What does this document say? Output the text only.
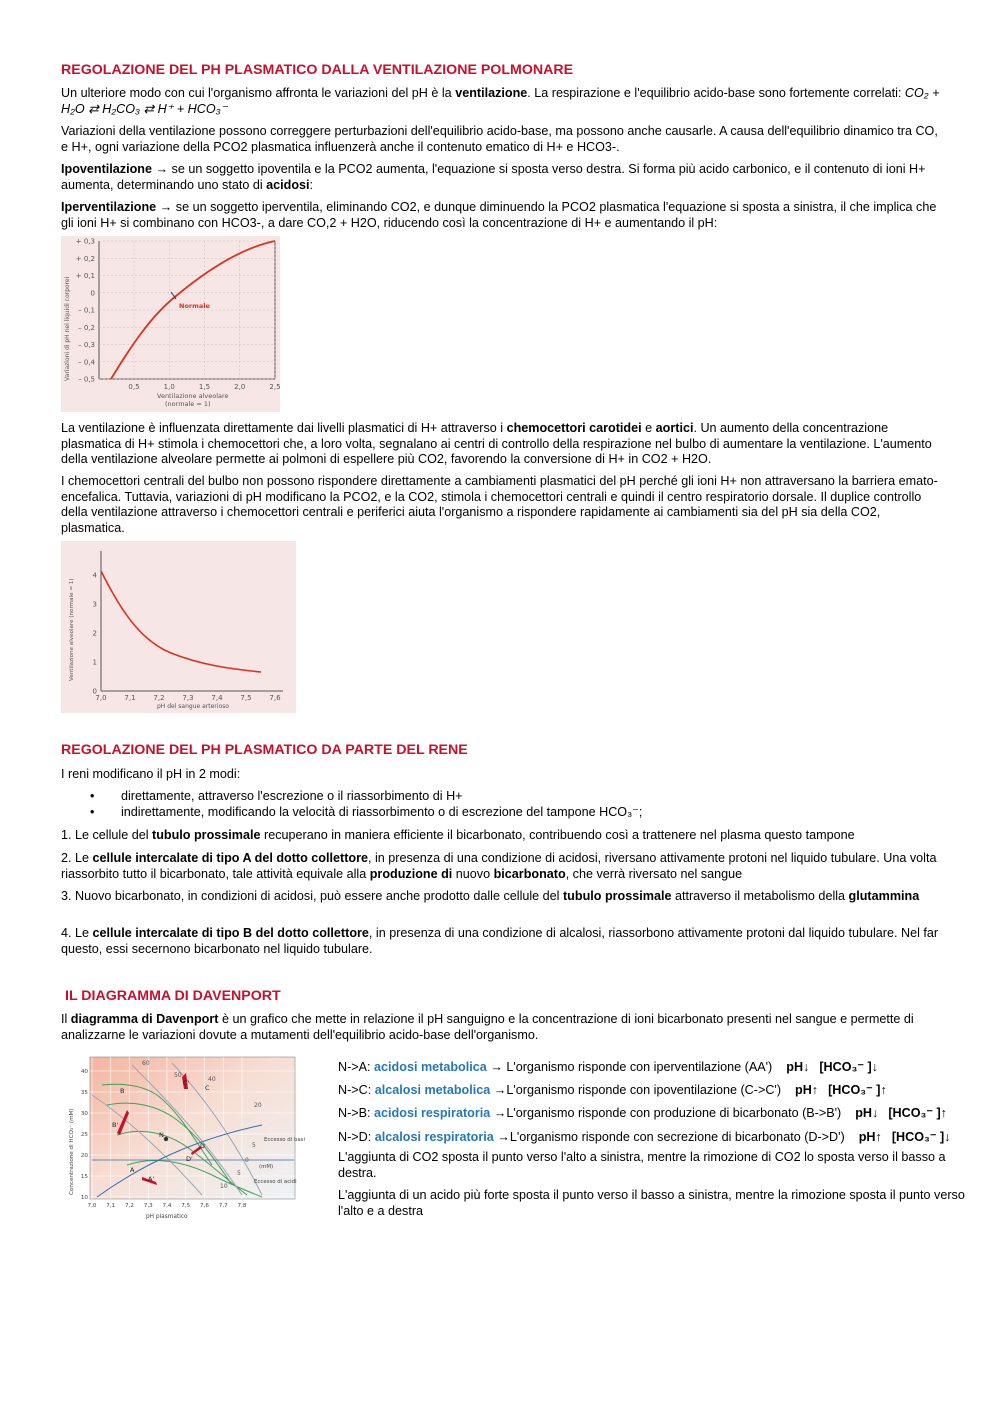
REGOLAZIONE DEL PH PLASMATICO DALLA VENTILAZIONE POLMONARE

Un ulteriore modo con cui l'organismo affronta le variazioni del pH è la ventilazione. La respirazione e l'equilibrio acido-base sono fortemente correlati: CO₂ + H₂O ⇄ H₂CO₃ ⇄ H⁺ + HCO₃⁻

Variazioni della ventilazione possono correggere perturbazioni dell'equilibrio acido-base, ma possono anche causarle. A causa dell'equilibrio dinamico tra CO, e H+, ogni variazione della PCO2 plasmatica influenzerà anche il contenuto ematico di H+ e HCO3-.

Ipoventilazione → se un soggetto ipoventila e la PCO2 aumenta, l'equazione si sposta verso destra. Si forma più acido carbonico, e il contenuto di ioni H+ aumenta, determinando uno stato di acidosi:

Iperventilazione → se un soggetto iperventila, eliminando CO2, e dunque diminuendo la PCO2 plasmatica l'equazione si sposta a sinistra, il che implica che gli ioni H+ si combinano con HCO3-, a dare CO,2 + H2O, riducendo così la concentrazione di H+ e aumentando il pH:

+ 0,3
+ 0,2
+ 0,1
0
– 0,1
– 0,2
– 0,3
– 0,4
– 0,5
0,5	1,0	1,5	2,0	2,5
Normale
Variazioni di pH nei liquidi corporei
Ventilazione alveolare
(normale = 1)

La ventilazione è influenzata direttamente dai livelli plasmatici di H+ attraverso i chemocettori carotidei e aortici. Un aumento della concentrazione plasmatica di H+ stimola i chemocettori che, a loro volta, segnalano ai centri di controllo della respirazione nel bulbo di aumentare la ventilazione. L'aumento della ventilazione alveolare permette ai polmoni di espellere più CO2, favorendo la conversione di H+ in CO2 + H2O.

I chemocettori centrali del bulbo non possono rispondere direttamente a cambiamenti plasmatici del pH perché gli ioni H+ non attraversano la barriera emato-encefalica. Tuttavia, variazioni di pH modificano la PCO2, e la CO2, stimola i chemocettori centrali e quindi il centro respiratorio dorsale. Il duplice controllo della ventilazione attraverso i chemocettori centrali e periferici aiuta l'organismo a rispondere rapidamente ai cambiamenti sia del pH sia della CO2, plasmatica.

4
3
2
1
0
7,0	7,1	7,2	7,3	7,4	7,5	7,6
Ventilazione alveolare (normale = 1)
pH del sangue arterioso
REGOLAZIONE DEL PH PLASMATICO DA PARTE DEL RENE

I reni modificano il pH in 2 modi:

• direttamente, attraverso l'escrezione o il riassorbimento di H+
• indirettamente, modificando la velocità di riassorbimento o di escrezione del tampone HCO₃⁻;

1. Le cellule del tubulo prossimale recuperano in maniera efficiente il bicarbonato, contribuendo così a trattenere nel plasma questo tampone

2. Le cellule intercalate di tipo A del dotto collettore, in presenza di una condizione di acidosi, riversano attivamente protoni nel liquido tubulare. Una volta riassorbito tutto il bicarbonato, tale attività equivale alla produzione di nuovo bicarbonato, che verrà riversato nel sangue

3. Nuovo bicarbonato, in condizioni di acidosi, può essere anche prodotto dalle cellule del tubulo prossimale attraverso il metabolismo della glutammina

4. Le cellule intercalate di tipo B del dotto collettore, in presenza di una condizione di alcalosi, riassorbono attivamente protoni dal liquido tubulare. Nel far questo, essi secernono bicarbonato nel liquido tubulare.

IL DIAGRAMMA DI DAVENPORT

Il diagramma di Davenport è un grafico che mette in relazione il pH sanguigno e la concentrazione di ioni bicarbonato presenti nel sangue e permette di analizzarne le variazioni dovute a mutamenti dell'equilibrio acido-base dell'organismo.

A
A'
B
B'
C
C'
D
D'
N
60
50
40
20
10
5
0
5
40
35
30
25
20
15
10
7,0 7,1 7,2 7,3 7,4 7,5 7,6 7,7 7,8
Eccesso di basi
(mM)
Eccesso di acidi
Concentrazione di HCO₃⁻ (mM)
pH plasmatico
N->A: acidosi metabolica → L'organismo risponde con iperventilazione (AA') pH↓ [HCO₃⁻ ]↓
N->C: alcalosi metabolica →L'organismo risponde con ipoventilazione (C->C') pH↑ [HCO₃⁻ ]↑
N->B: acidosi respiratoria →L'organismo risponde con produzione di bicarbonato (B->B') pH↓ [HCO₃⁻ ]↑
N->D: alcalosi respiratoria →L'organismo risponde con secrezione di bicarbonato (D->D') pH↑ [HCO₃⁻ ]↓

L'aggiunta di CO2 sposta il punto verso l'alto a sinistra, mentre la rimozione di CO2 lo sposta verso il basso a destra.

L'aggiunta di un acido più forte sposta il punto verso il basso a sinistra, mentre la rimozione sposta il punto verso l'alto e a destra
